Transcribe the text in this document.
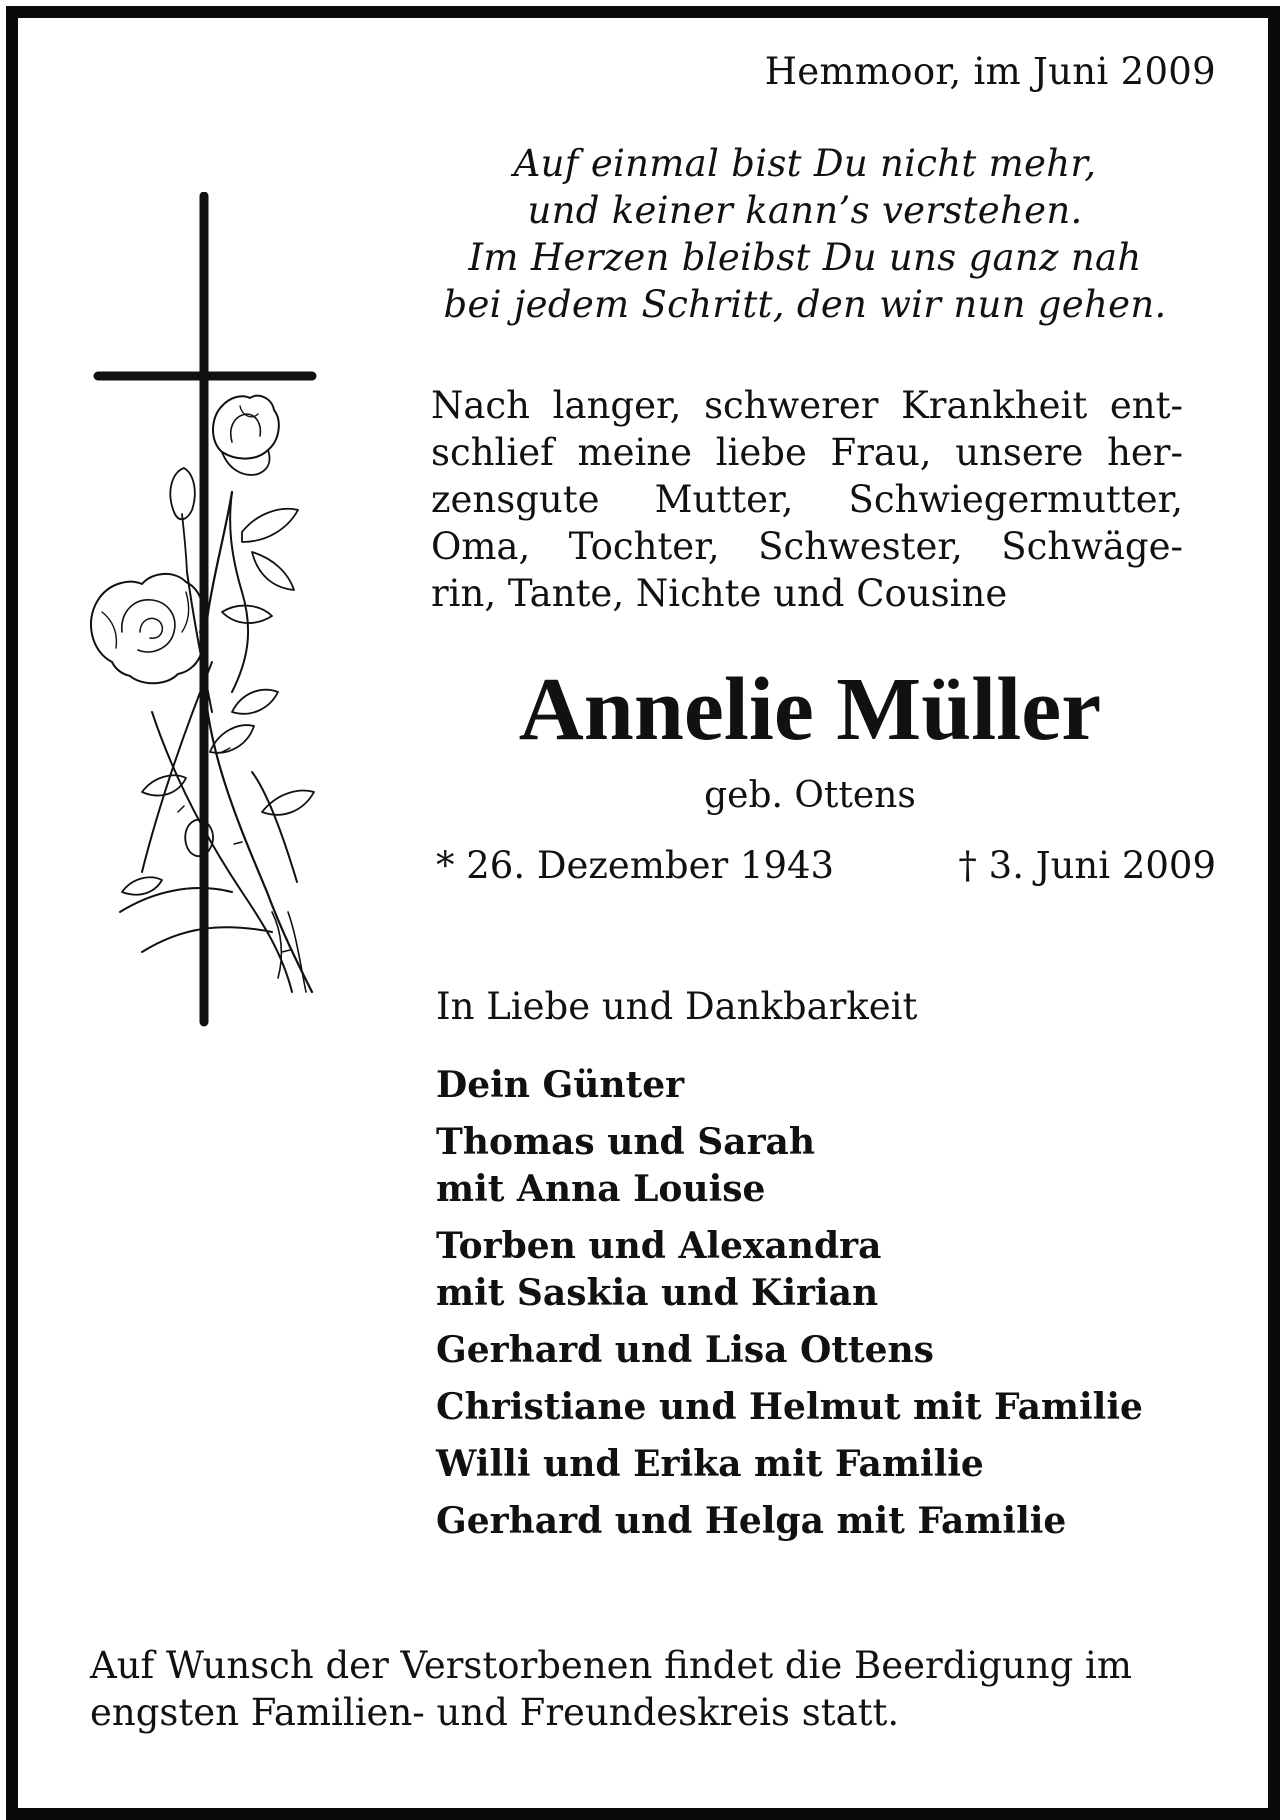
Hemmoor, im Juni 2009
Auf einmal bist Du nicht mehr,
und keiner kann’s verstehen.
Im Herzen bleibst Du uns ganz nah
bei jedem Schritt, den wir nun gehen.
Nach langer, schwerer Krankheit ent-
schlief meine liebe Frau, unsere her-
zensgute Mutter, Schwiegermutter,
Oma, Tochter, Schwester, Schwäge-
rin, Tante, Nichte und Cousine
Annelie Müller
geb. Ottens
* 26. Dezember 1943	† 3. Juni 2009
In Liebe und Dankbarkeit
Dein Günter
Thomas und Sarah
mit Anna Louise
Torben und Alexandra
mit Saskia und Kirian
Gerhard und Lisa Ottens
Christiane und Helmut mit Familie
Willi und Erika mit Familie
Gerhard und Helga mit Familie
Auf Wunsch der Verstorbenen findet die Beerdigung im
engsten Familien- und Freundeskreis statt.
